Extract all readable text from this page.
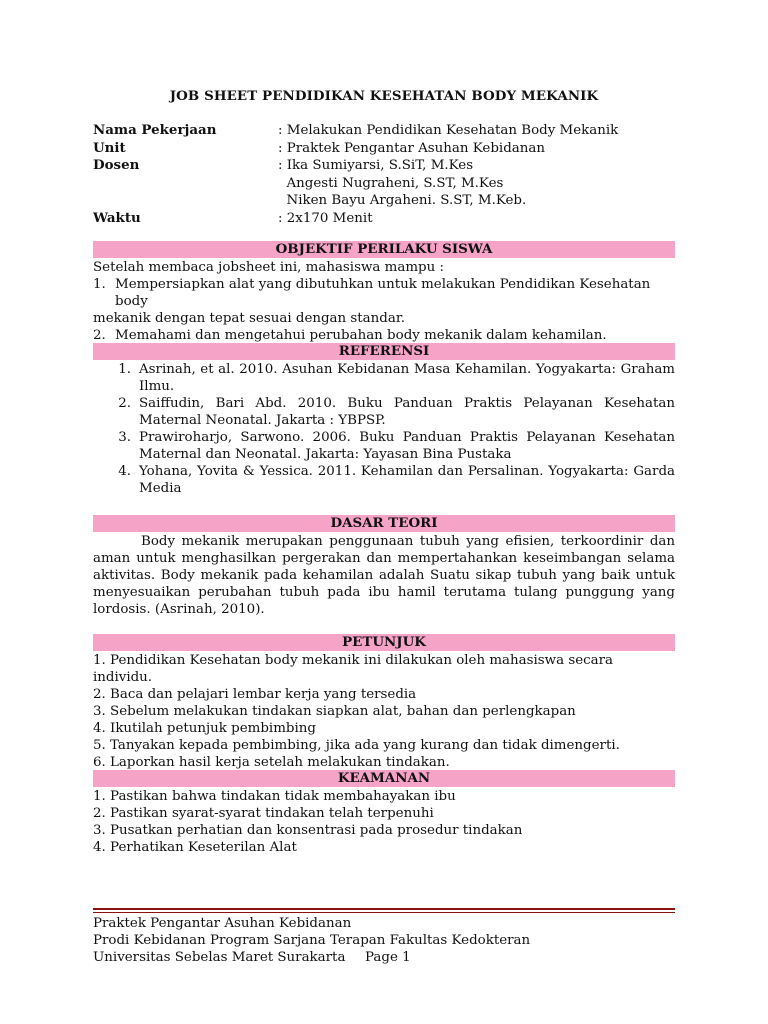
JOB SHEET PENDIDIKAN KESEHATAN BODY MEKANIK
Nama Pekerjaan	: Melakukan Pendidikan Kesehatan Body Mekanik
Unit	: Praktek Pengantar Asuhan Kebidanan
Dosen	: Ika Sumiyarsi, S.SiT, M.Kes
Angesti Nugraheni, S.ST, M.Kes
Niken Bayu Argaheni. S.ST, M.Keb.
Waktu	: 2x170 Menit
OBJEKTIF PERILAKU SISWA

Setelah membaca jobsheet ini, mahasiswa mampu :

1. Mempersiapkan alat yang dibutuhkan untuk melakukan Pendidikan Kesehatan body
mekanik dengan tepat sesuai dengan standar.
2. Memahami dan mengetahui perubahan body mekanik dalam kehamilan.
REFERENSI
1. Asrinah, et al. 2010. Asuhan Kebidanan Masa Kehamilan. Yogyakarta: Graham Ilmu.
2. Saiffudin, Bari Abd. 2010. Buku Panduan Praktis Pelayanan Kesehatan Maternal Neonatal. Jakarta : YBPSP.
3. Prawiroharjo, Sarwono. 2006. Buku Panduan Praktis Pelayanan Kesehatan Maternal dan Neonatal. Jakarta: Yayasan Bina Pustaka
4. Yohana, Yovita & Yessica. 2011. Kehamilan dan Persalinan. Yogyakarta: Garda Media
DASAR TEORI

Body mekanik merupakan penggunaan tubuh yang efisien, terkoordinir dan aman untuk menghasilkan pergerakan dan mempertahankan keseimbangan selama aktivitas. Body mekanik pada kehamilan adalah Suatu sikap tubuh yang baik untuk menyesuaikan perubahan tubuh pada ibu hamil terutama tulang punggung yang lordosis. (Asrinah, 2010).

PETUNJUK
1. Pendidikan Kesehatan body mekanik ini dilakukan oleh mahasiswa secara individu.
2. Baca dan pelajari lembar kerja yang tersedia
3. Sebelum melakukan tindakan siapkan alat, bahan dan perlengkapan
4. Ikutilah petunjuk pembimbing
5. Tanyakan kepada pembimbing, jika ada yang kurang dan tidak dimengerti.
6. Laporkan hasil kerja setelah melakukan tindakan.
KEAMANAN
1. Pastikan bahwa tindakan tidak membahayakan ibu
2. Pastikan syarat-syarat tindakan telah terpenuhi
3. Pusatkan perhatian dan konsentrasi pada prosedur tindakan
4. Perhatikan Keseterilan Alat
Praktek Pengantar Asuhan Kebidanan
Prodi Kebidanan Program Sarjana Terapan Fakultas Kedokteran
Universitas Sebelas Maret Surakarta	Page 1
